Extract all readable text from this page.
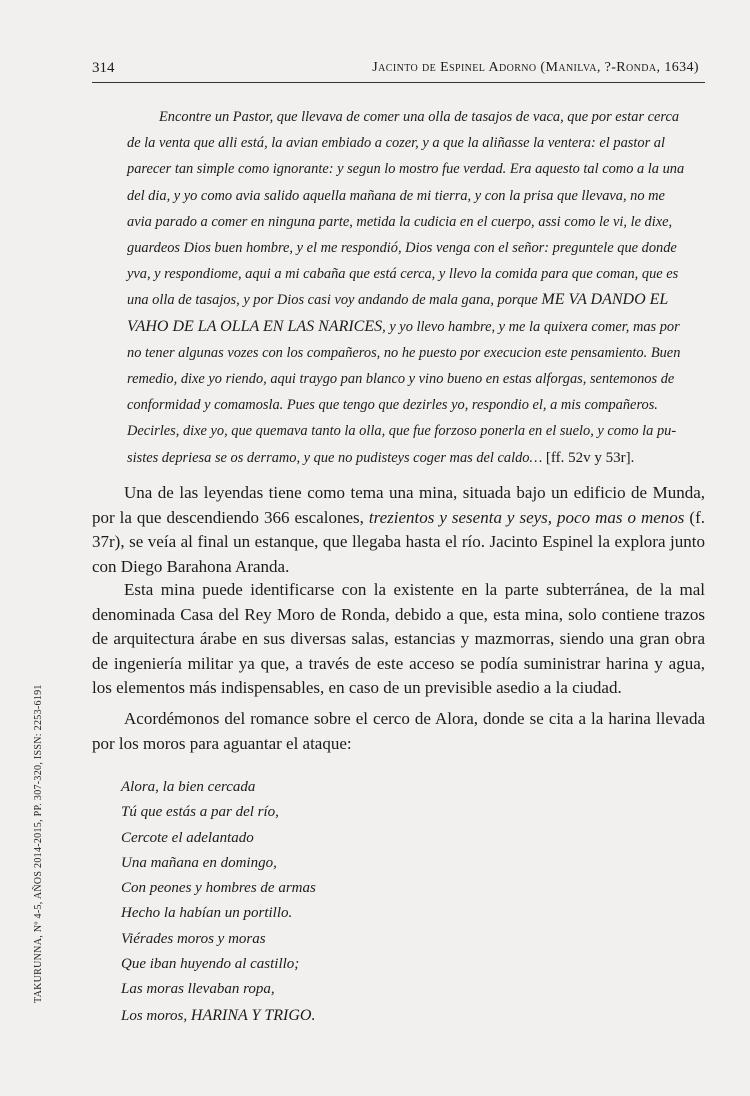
314	Jacinto de Espinel Adorno (Manilva, ?-Ronda, 1634)
Encontre un Pastor, que llevava de comer una olla de tasajos de vaca, que por estar cerca
de la venta que alli está, la avian embiado a cozer, y a que la aliñasse la ventera: el pastor al
parecer tan simple como ignorante: y segun lo mostro fue verdad. Era aquesto tal como a la una
del dia, y yo como avia salido aquella mañana de mi tierra, y con la prisa que llevava, no me
avia parado a comer en ninguna parte, metida la cudicia en el cuerpo, assi como le vi, le dixe,
guardeos Dios buen hombre, y el me respondió, Dios venga con el señor: preguntele que donde
yva, y respondiome, aqui a mi cabaña que está cerca, y llevo la comida para que coman, que es
una olla de tasajos, y por Dios casi voy andando de mala gana, porque ME VA DANDO EL
VAHO DE LA OLLA EN LAS NARICES, y yo llevo hambre, y me la quixera comer, mas por
no tener algunas vozes con los compañeros, no he puesto por execucion este pensamiento. Buen
remedio, dixe yo riendo, aqui traygo pan blanco y vino bueno en estas alforgas, sentemonos de
conformidad y comamosla. Pues que tengo que dezirles yo, respondio el, a mis compañeros.
Decirles, dixe yo, que quemava tanto la olla, que fue forzoso ponerla en el suelo, y como la pu-
sistes depriesa se os derramo, y que no pudisteys coger mas del caldo… [ff. 52v y 53r].

Una de las leyendas tiene como tema una mina, situada bajo un edificio de Munda, por la que descendiendo 366 escalones, trezientos y sesenta y seys, poco mas o menos (f. 37r), se veía al final un estanque, que llegaba hasta el río. Jacinto Espinel la explora junto con Diego Barahona Aranda.

Esta mina puede identificarse con la existente en la parte subterránea, de la mal denominada Casa del Rey Moro de Ronda, debido a que, esta mina, solo contiene trazos de arquitectura árabe en sus diversas salas, estancias y mazmorras, siendo una gran obra de ingeniería militar ya que, a través de este acceso se podía suministrar harina y agua, los elementos más indispensables, en caso de un previsible asedio a la ciudad.

Acordémonos del romance sobre el cerco de Alora, donde se cita a la harina llevada por los moros para aguantar el ataque:

Alora, la bien cercada
Tú que estás a par del río,
Cercote el adelantado
Una mañana en domingo,
Con peones y hombres de armas
Hecho la habían un portillo.
Viérades moros y moras
Que iban huyendo al castillo;
Las moras llevaban ropa,
Los moros, HARINA Y TRIGO.
TAKURUNNA, Nº 4-5, AÑOS 2014-2015, PP. 307-320, ISSN: 2253-6191
